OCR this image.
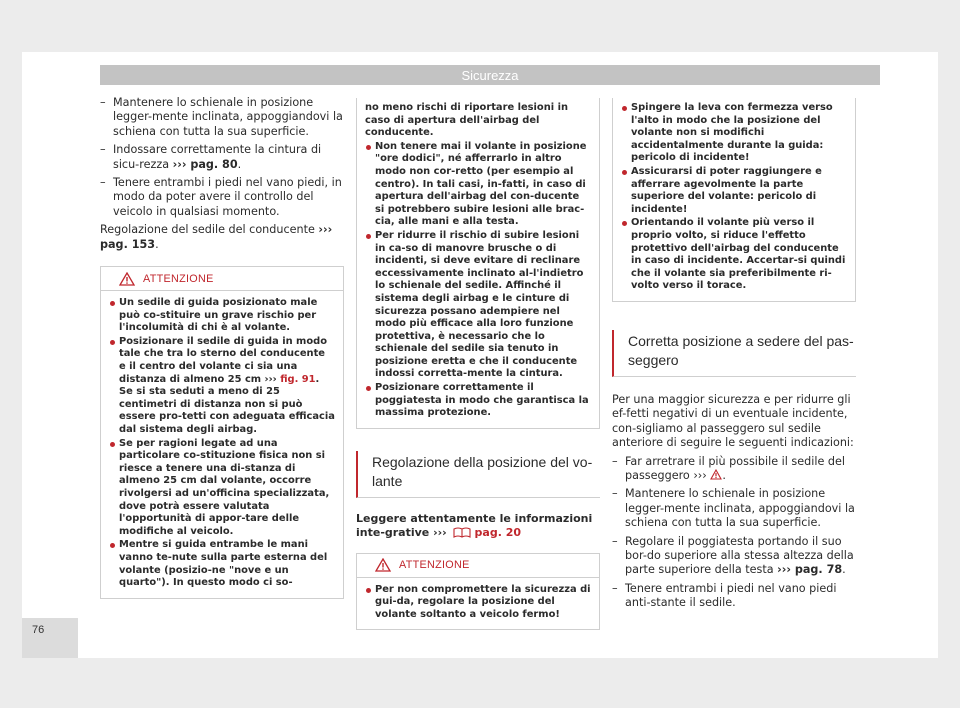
Sicurezza
– Mantenere lo schienale in posizione legger-mente inclinata, appoggiandovi la schiena con tutta la sua superficie.
– Indossare correttamente la cintura di sicu-rezza ››› pag. 80.
– Tenere entrambi i piedi nel vano piedi, in modo da poter avere il controllo del veicolo in qualsiasi momento.
Regolazione del sedile del conducente ››› pag. 153.
ATTENZIONE
Un sedile di guida posizionato male può co-stituire un grave rischio per l'incolumità di chi è al volante.
Posizionare il sedile di guida in modo tale che tra lo sterno del conducente e il centro del volante ci sia una distanza di almeno 25 cm ››› fig. 91. Se si sta seduti a meno di 25 centimetri di distanza non si può essere pro-tetti con adeguata efficacia dal sistema degli airbag.
Se per ragioni legate ad una particolare co-stituzione fisica non si riesce a tenere una di-stanza di almeno 25 cm dal volante, occorre rivolgersi ad un'officina specializzata, dove potrà essere valutata l'opportunità di appor-tare delle modifiche al veicolo.
Mentre si guida entrambe le mani vanno te-nute sulla parte esterna del volante (posizio-ne "nove e un quarto"). In questo modo ci so-
no meno rischi di riportare lesioni in caso di apertura dell'airbag del conducente.
Non tenere mai il volante in posizione "ore dodici", né afferrarlo in altro modo non cor-retto (per esempio al centro). In tali casi, in-fatti, in caso di apertura dell'airbag del con-ducente si potrebbero subire lesioni alle brac-cia, alle mani e alla testa.
Per ridurre il rischio di subire lesioni in ca-so di manovre brusche o di incidenti, si deve evitare di reclinare eccessivamente inclinato al-l'indietro lo schienale del sedile. Affinché il sistema degli airbag e le cinture di sicurezza possano adempiere nel modo più efficace alla loro funzione protettiva, è necessario che lo schienale del sedile sia tenuto in posizione eretta e che il conducente indossi corretta-mente la cintura.
Posizionare correttamente il poggiatesta in modo che garantisca la massima protezione.
Regolazione della posizione del vo-lante
Leggere attentamente le informazioni inte-grative ››› pag. 20
ATTENZIONE
Per non compromettere la sicurezza di gui-da, regolare la posizione del volante soltanto a veicolo fermo!
Spingere la leva con fermezza verso l'alto in modo che la posizione del volante non si modifichi accidentalmente durante la guida: pericolo di incidente!
Assicurarsi di poter raggiungere e afferrare agevolmente la parte superiore del volante: pericolo di incidente!
Orientando il volante più verso il proprio volto, si riduce l'effetto protettivo dell'airbag del conducente in caso di incidente. Accertar-si quindi che il volante sia preferibilmente ri-volto verso il torace.
Corretta posizione a sedere del pas-seggero
Per una maggior sicurezza e per ridurre gli ef-fetti negativi di un eventuale incidente, con-sigliamo al passeggero sul sedile anteriore di seguire le seguenti indicazioni:
– Far arretrare il più possibile il sedile del passeggero ››› .
– Mantenere lo schienale in posizione legger-mente inclinata, appoggiandovi la schiena con tutta la sua superficie.
– Regolare il poggiatesta portando il suo bor-do superiore alla stessa altezza della parte superiore della testa ››› pag. 78.
– Tenere entrambi i piedi nel vano piedi anti-stante il sedile.
76
